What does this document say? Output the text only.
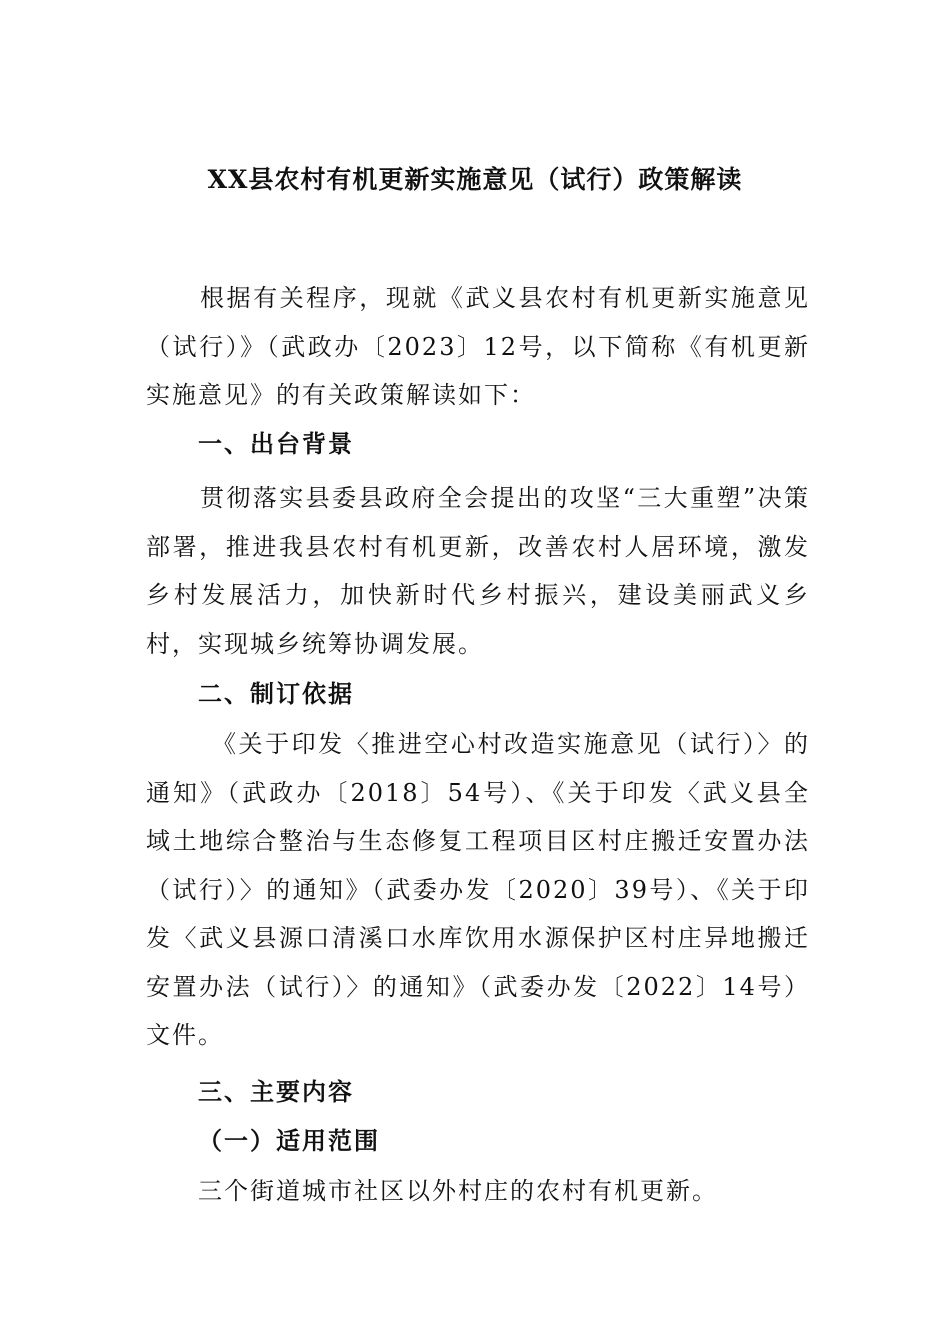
XX县农村有机更新实施意见（试行）政策解读
根据有关程序，现就《武义县农村有机更新实施意见（试行）》（武政办〔2023〕12号，以下简称《有机更新实施意见》的有关政策解读如下：
一、出台背景
贯彻落实县委县政府全会提出的攻坚“三大重塑”决策部署，推进我县农村有机更新，改善农村人居环境，激发乡村发展活力，加快新时代乡村振兴，建设美丽武义乡村，实现城乡统筹协调发展。
二、制订依据
《关于印发〈推进空心村改造实施意见（试行）〉的通知》（武政办〔2018〕54号）、《关于印发〈武义县全域土地综合整治与生态修复工程项目区村庄搬迁安置办法（试行）〉的通知》（武委办发〔2020〕39号）、《关于印发〈武义县源口清溪口水库饮用水源保护区村庄异地搬迁安置办法（试行）〉的通知》（武委办发〔2022〕14号）文件。
三、主要内容
（一）适用范围
三个街道城市社区以外村庄的农村有机更新。
